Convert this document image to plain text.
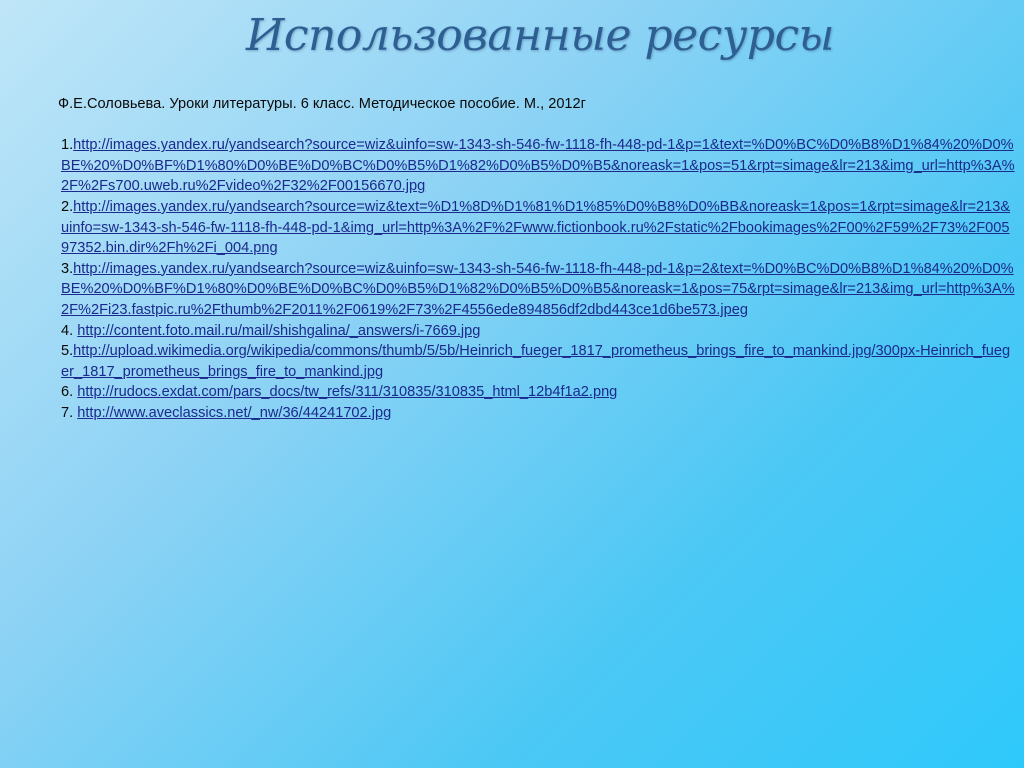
Использованные ресурсы

Ф.Е.Соловьева. Уроки литературы. 6 класс. Методическое пособие. М., 2012г

1.http://images.yandex.ru/yandsearch?source=wiz&uinfo=sw-1343-sh-546-fw-1118-fh-448-pd-1&p=1&text=%D0%BC%D0%B8%D1%84%20%D0%BE%20%D0%BF%D1%80%D0%BE%D0%BC%D0%B5%D1%82%D0%B5%D0%B5&noreask=1&pos=51&rpt=simage&lr=213&img_url=http%3A%2F%2Fs700.uweb.ru%2Fvideo%2F32%2F00156670.jpg

2.http://images.yandex.ru/yandsearch?source=wiz&text=%D1%8D%D1%81%D1%85%D0%B8%D0%BB&noreask=1&pos=1&rpt=simage&lr=213&uinfo=sw-1343-sh-546-fw-1118-fh-448-pd-1&img_url=http%3A%2F%2Fwww.fictionbook.ru%2Fstatic%2Fbookimages%2F00%2F59%2F73%2F00597352.bin.dir%2Fh%2Fi_004.png

3.http://images.yandex.ru/yandsearch?source=wiz&uinfo=sw-1343-sh-546-fw-1118-fh-448-pd-1&p=2&text=%D0%BC%D0%B8%D1%84%20%D0%BE%20%D0%BF%D1%80%D0%BE%D0%BC%D0%B5%D1%82%D0%B5%D0%B5&noreask=1&pos=75&rpt=simage&lr=213&img_url=http%3A%2F%2Fi23.fastpic.ru%2Fthumb%2F2011%2F0619%2F73%2F4556ede894856df2dbd443ce1d6be573.jpeg

4. http://content.foto.mail.ru/mail/shishgalina/_answers/i-7669.jpg

5.http://upload.wikimedia.org/wikipedia/commons/thumb/5/5b/Heinrich_fueger_1817_prometheus_brings_fire_to_mankind.jpg/300px-Heinrich_fueger_1817_prometheus_brings_fire_to_mankind.jpg

6. http://rudocs.exdat.com/pars_docs/tw_refs/311/310835/310835_html_12b4f1a2.png

7. http://www.aveclassics.net/_nw/36/44241702.jpg
